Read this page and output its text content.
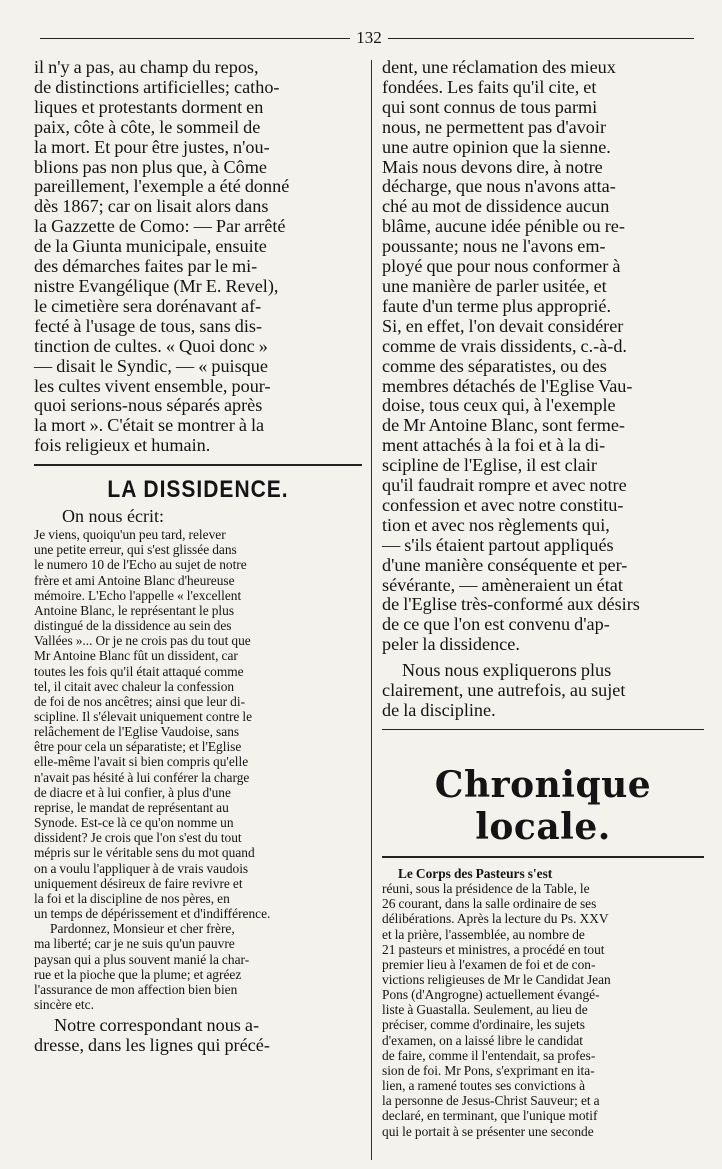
132
il n'y a pas, au champ du repos,
de distinctions artificielles; catho-
liques et protestants dorment en
paix, côte à côte, le sommeil de
la mort. Et pour être justes, n'ou-
blions pas non plus que, à Côme
pareillement, l'exemple a été donné
dès 1867; car on lisait alors dans
la Gazzette de Como: — Par arrêté
de la Giunta municipale, ensuite
des démarches faites par le mi-
nistre Evangélique (Mr E. Revel),
le cimetière sera dorénavant af-
fecté à l'usage de tous, sans dis-
tinction de cultes. « Quoi donc »
— disait le Syndic, — « puisque
les cultes vivent ensemble, pour-
quoi serions-nous séparés après
la mort ». C'était se montrer à la
fois religieux et humain.
LA DISSIDENCE.
On nous écrit:
Je viens, quoiqu'un peu tard, relever
une petite erreur, qui s'est glissée dans
le numero 10 de l'Echo au sujet de notre
frère et ami Antoine Blanc d'heureuse
mémoire. L'Echo l'appelle « l'excellent
Antoine Blanc, le représentant le plus
distingué de la dissidence au sein des
Vallées »... Or je ne crois pas du tout que
Mr Antoine Blanc fût un dissident, car
toutes les fois qu'il était attaqué comme
tel, il citait avec chaleur la confession
de foi de nos ancêtres; ainsi que leur di-
scipline. Il s'élevait uniquement contre le
relâchement de l'Eglise Vaudoise, sans
être pour cela un séparatiste; et l'Eglise
elle-même l'avait si bien compris qu'elle
n'avait pas hésité à lui conférer la charge
de diacre et à lui confier, à plus d'une
reprise, le mandat de représentant au
Synode. Est-ce là ce qu'on nomme un
dissident? Je crois que l'on s'est du tout
mépris sur le véritable sens du mot quand
on a voulu l'appliquer à de vrais vaudois
uniquement désireux de faire revivre et
la foi et la discipline de nos pères, en
un temps de dépérissement et d'indifférence.
Pardonnez, Monsieur et cher frère,
ma liberté; car je ne suis qu'un pauvre
paysan qui a plus souvent manié la char-
rue et la pioche que la plume; et agréez
l'assurance de mon affection bien bien
sincère etc.
Notre correspondant nous a-
dresse, dans les lignes qui précé-
dent, une réclamation des mieux
fondées. Les faits qu'il cite, et
qui sont connus de tous parmi
nous, ne permettent pas d'avoir
une autre opinion que la sienne.
Mais nous devons dire, à notre
décharge, que nous n'avons atta-
ché au mot de dissidence aucun
blâme, aucune idée pénible ou re-
poussante; nous ne l'avons em-
ployé que pour nous conformer à
une manière de parler usitée, et
faute d'un terme plus approprié.
Si, en effet, l'on devait considérer
comme de vrais dissidents, c.-à-d.
comme des séparatistes, ou des
membres détachés de l'Eglise Vau-
doise, tous ceux qui, à l'exemple
de Mr Antoine Blanc, sont ferme-
ment attachés à la foi et à la di-
scipline de l'Eglise, il est clair
qu'il faudrait rompre et avec notre
confession et avec notre constitu-
tion et avec nos règlements qui,
— s'ils étaient partout appliqués
d'une manière conséquente et per-
sévérante, — amèneraient un état
de l'Eglise très-conformé aux désirs
de ce que l'on est convenu d'ap-
peler la dissidence.
Nous nous expliquerons plus
clairement, une autrefois, au sujet
de la discipline.
Chronique locale.
Le Corps des Pasteurs s'est
réuni, sous la présidence de la Table, le
26 courant, dans la salle ordinaire de ses
délibérations. Après la lecture du Ps. XXV
et la prière, l'assemblée, au nombre de
21 pasteurs et ministres, a procédé en tout
premier lieu à l'examen de foi et de con-
victions religieuses de Mr le Candidat Jean
Pons (d'Angrogne) actuellement évangé-
liste à Guastalla. Seulement, au lieu de
préciser, comme d'ordinaire, les sujets
d'examen, on a laissé libre le candidat
de faire, comme il l'entendait, sa profes-
sion de foi. Mr Pons, s'exprimant en ita-
lien, a ramené toutes ses convictions à
la personne de Jesus-Christ Sauveur; et a
declaré, en terminant, que l'unique motif
qui le portait à se présenter une seconde
